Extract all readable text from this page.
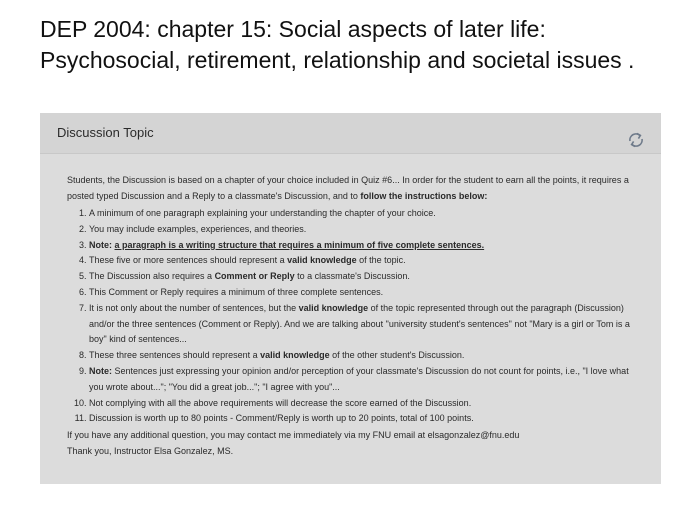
DEP 2004: chapter 15: Social aspects of later life: Psychosocial, retirement, relationship and societal issues .
Discussion Topic

Students, the Discussion is based on a chapter of your choice included in Quiz #6... In order for the student to earn all the points, it requires a posted typed Discussion and a Reply to a classmate's Discussion, and to follow the instructions below:

1. A minimum of one paragraph explaining your understanding the chapter of your choice.
2. You may include examples, experiences, and theories.
3. Note: a paragraph is a writing structure that requires a minimum of five complete sentences.
4. These five or more sentences should represent a valid knowledge of the topic.
5. The Discussion also requires a Comment or Reply to a classmate's Discussion.
6. This Comment or Reply requires a minimum of three complete sentences.
7. It is not only about the number of sentences, but the valid knowledge of the topic represented through out the paragraph (Discussion) and/or the three sentences (Comment or Reply). And we are talking about "university student's sentences" not "Mary is a girl or Tom is a boy" kind of sentences...
8. These three sentences should represent a valid knowledge of the other student's Discussion.
9. Note: Sentences just expressing your opinion and/or perception of your classmate's Discussion do not count for points, i.e., "I love what you wrote about..."; "You did a great job..."; "I agree with you"...
10. Not complying with all the above requirements will decrease the score earned of the Discussion.
11. Discussion is worth up to 80 points - Comment/Reply is worth up to 20 points, total of 100 points.

If you have any additional question, you may contact me immediately via my FNU email at elsagonzalez@fnu.edu

Thank you, Instructor Elsa Gonzalez, MS.
